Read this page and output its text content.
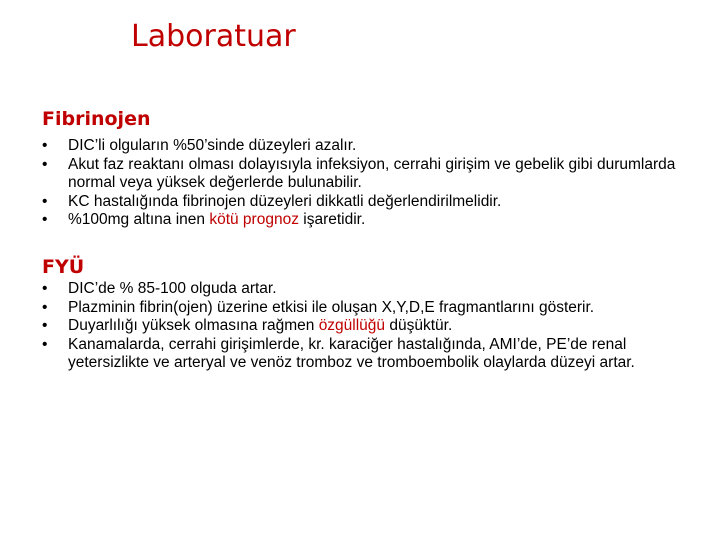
Laboratuar
Fibrinojen
•	DIC’li olguların %50’sinde düzeyleri azalır.
•	Akut faz reaktanı olması dolayısıyla infeksiyon, cerrahi girişim ve gebelik gibi durumlarda normal veya yüksek değerlerde bulunabilir.
•	KC hastalığında fibrinojen düzeyleri dikkatli değerlendirilmelidir.
•	%100mg altına inen kötü prognoz işaretidir.
FYÜ
•	DIC’de % 85-100 olguda artar.
•	Plazminin fibrin(ojen) üzerine etkisi ile oluşan X,Y,D,E fragmantlarını gösterir.
•	Duyarlılığı yüksek olmasına rağmen özgüllüğü düşüktür.
•	Kanamalarda, cerrahi girişimlerde, kr. karaciğer hastalığında, AMI’de, PE’de renal yetersizlikte ve arteryal ve venöz tromboz ve tromboembolik olaylarda düzeyi artar.
